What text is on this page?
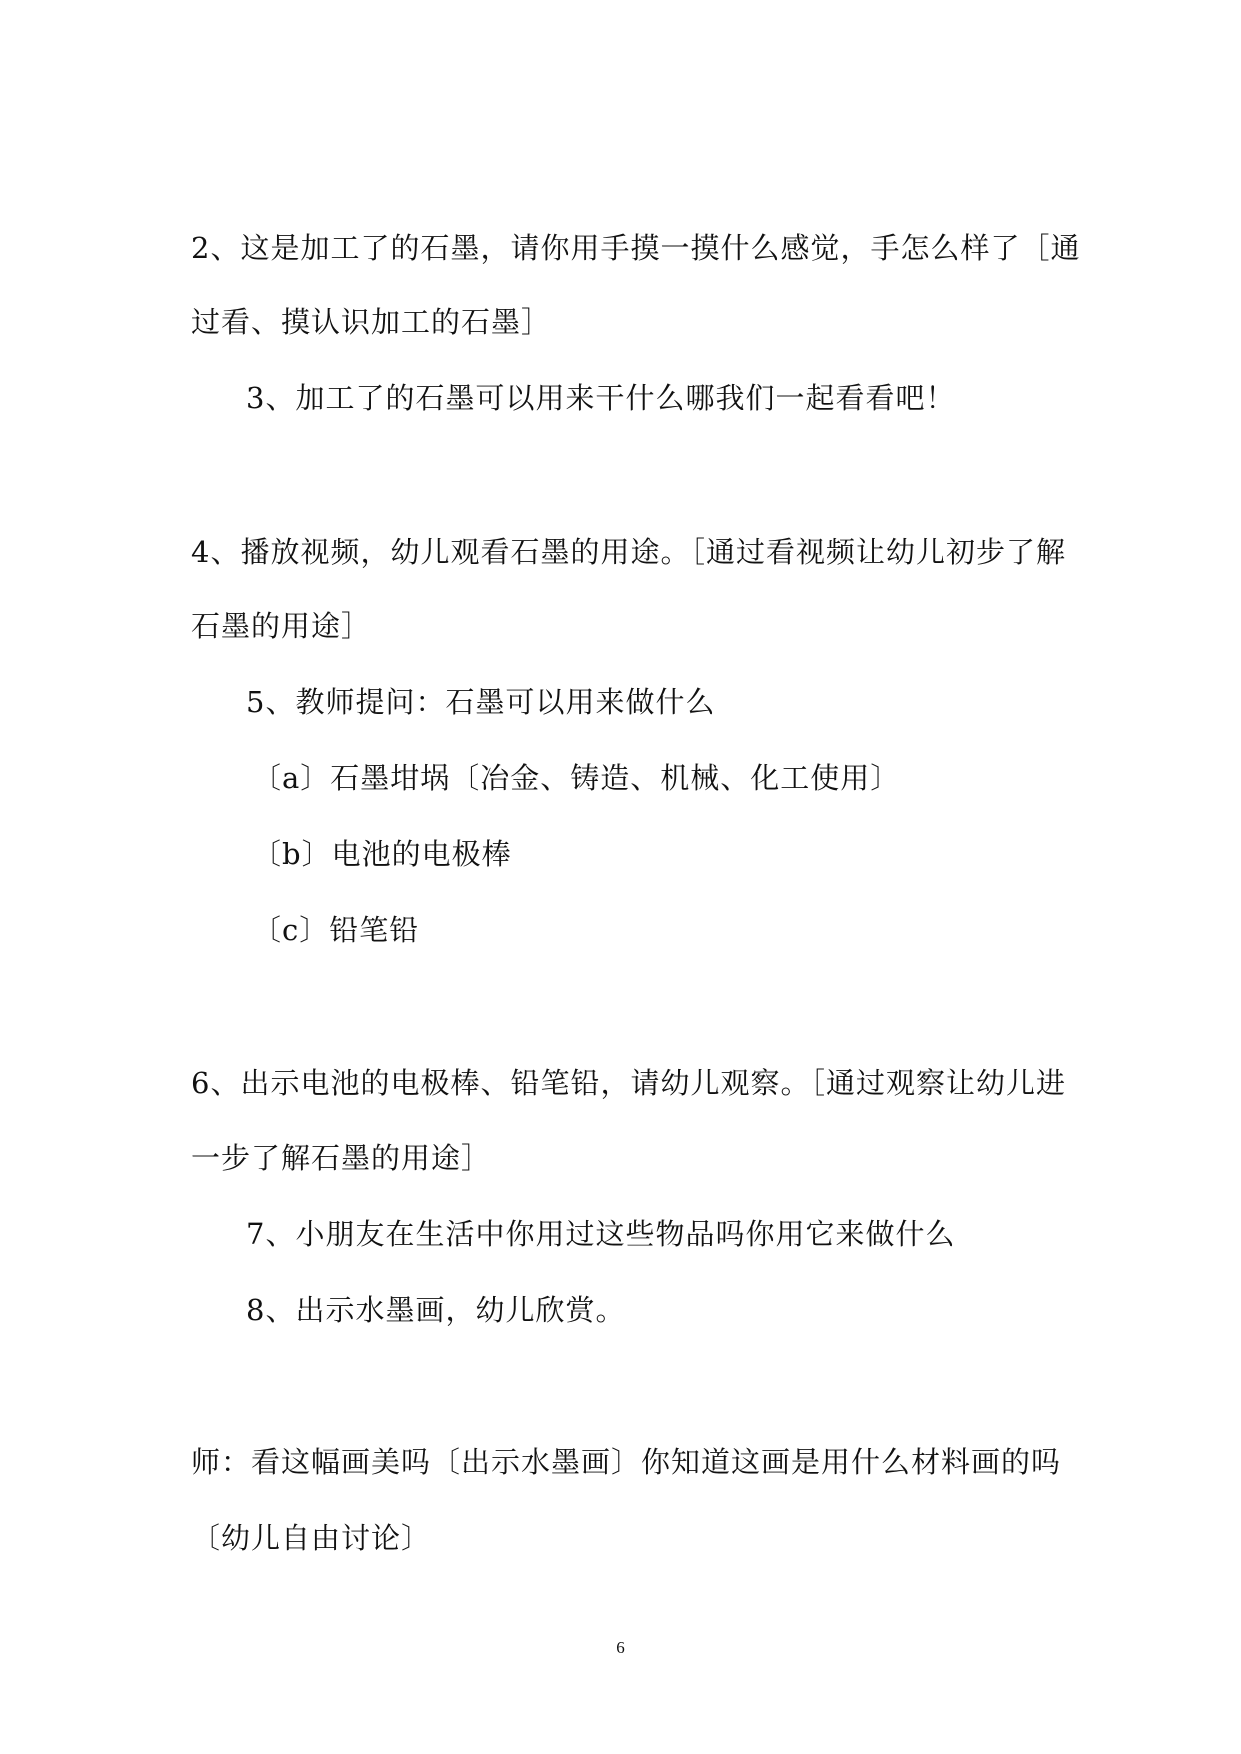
2、这是加工了的石墨，请你用手摸一摸什么感觉，手怎么样了［通
过看、摸认识加工的石墨］
3、加工了的石墨可以用来干什么哪我们一起看看吧！
4、播放视频，幼儿观看石墨的用途。［通过看视频让幼儿初步了解
石墨的用途］
5、教师提问：石墨可以用来做什么
〔a〕石墨坩埚〔冶金、铸造、机械、化工使用〕
〔b〕电池的电极棒
〔c〕铅笔铅
6、出示电池的电极棒、铅笔铅，请幼儿观察。［通过观察让幼儿进
一步了解石墨的用途］
7、小朋友在生活中你用过这些物品吗你用它来做什么
8、出示水墨画，幼儿欣赏。
师：看这幅画美吗〔出示水墨画〕你知道这画是用什么材料画的吗
〔幼儿自由讨论〕
6
